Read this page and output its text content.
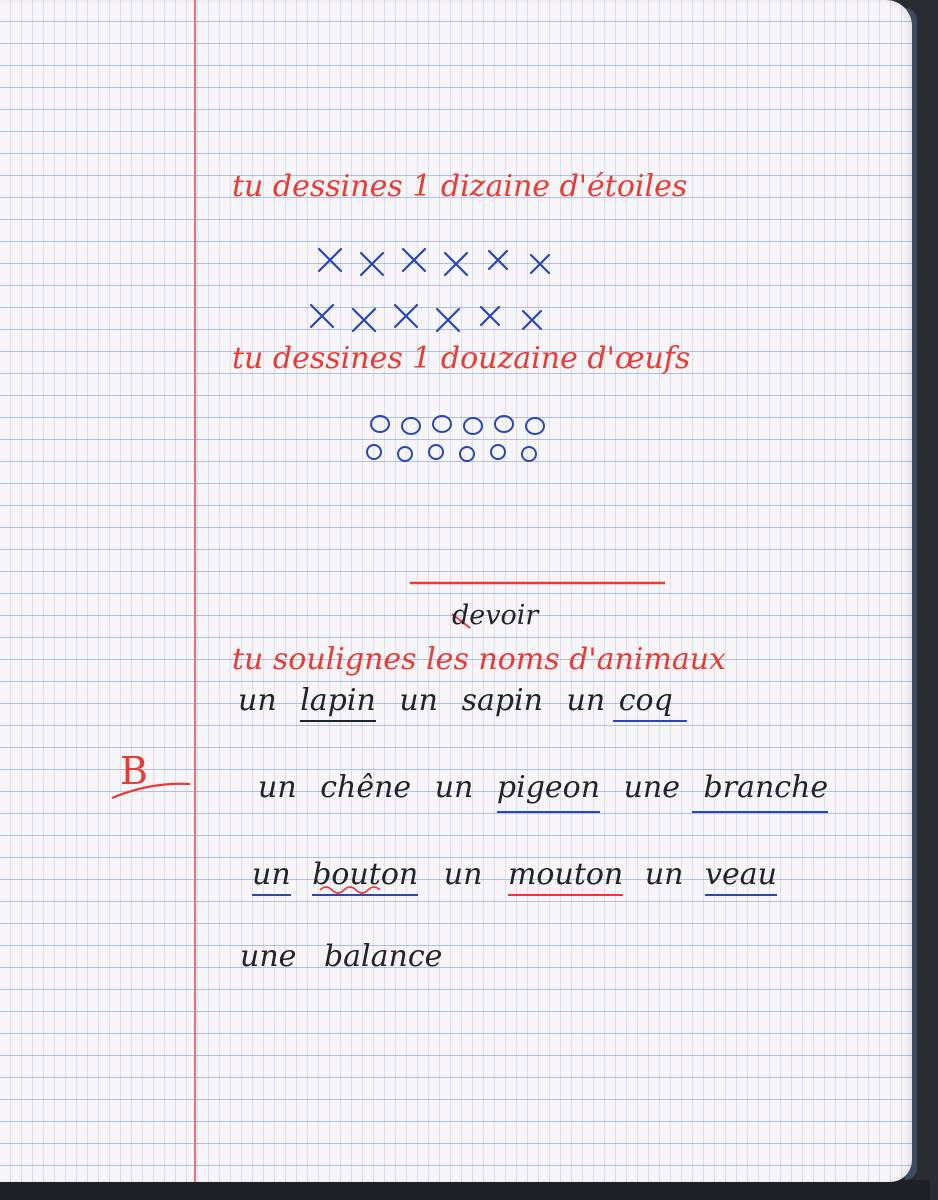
tu dessines 1 dizaine d'étoiles
tu dessines 1 douzaine d'œufs
devoir
tu soulignes les noms d'animaux
un lapin un sapin un coq
un chêne un pigeon une branche
un bouton un mouton un veau
une balance
B
